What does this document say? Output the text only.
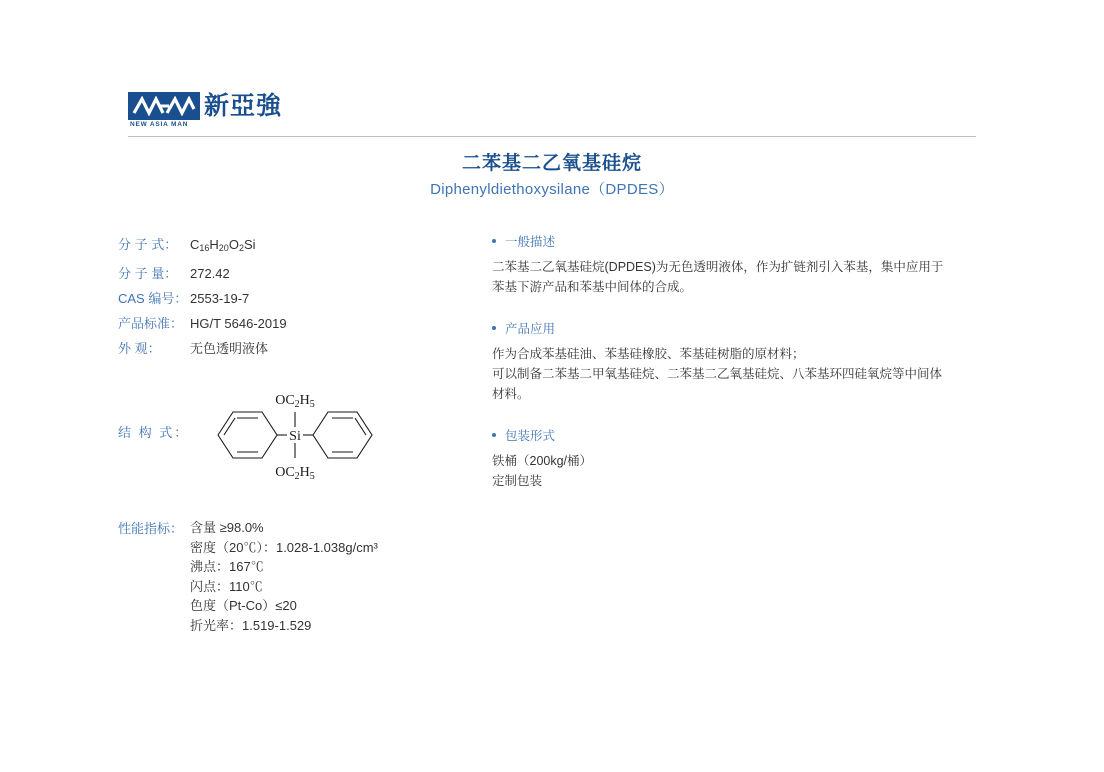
NEW ASIA MAN
新亞強
二苯基二乙氧基硅烷
Diphenyldiethoxysilane（DPDES）
分 子 式： $C_{16}H_{20}O_2Si$
分 子 量： 272.42
CAS 编号： 2553-19-7
产品标准： HG/T 5646-2019
外 观： 无色透明液体
结 构 式：	Si
$OC_2H_5$
$OC_2H_5$
性能指标： 含量 ≥98.0%
密度（20℃）：1.028-1.038g/cm³
沸点：167℃
闪点：110℃
色度（Pt-Co）≤20
折光率：1.519-1.529
一般描述

二苯基二乙氧基硅烷(DPDES)为无色透明液体，作为扩链剂引入苯基，集中应用于

苯基下游产品和苯基中间体的合成。

产品应用

作为合成苯基硅油、苯基硅橡胶、苯基硅树脂的原材料；

可以制备二苯基二甲氧基硅烷、二苯基二乙氧基硅烷、八苯基环四硅氧烷等中间体

材料。

包装形式

铁桶（200kg/桶）

定制包装
